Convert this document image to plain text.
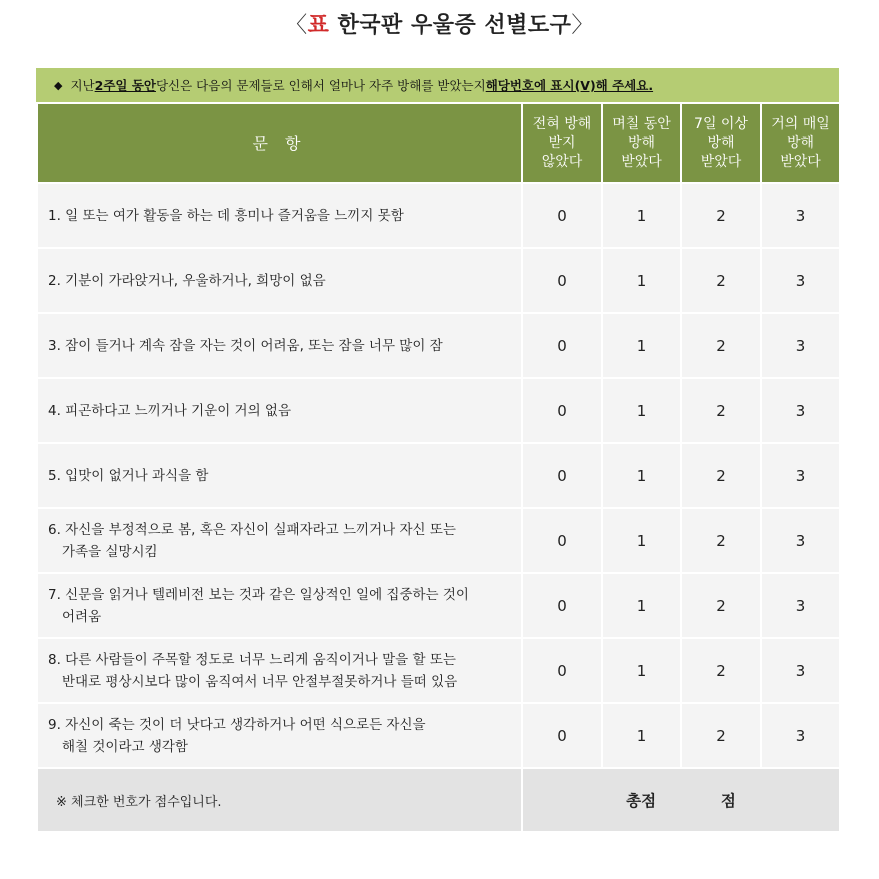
〈표 한국판 우울증 선별도구〉
◆ 지난 2주일 동안 당신은 다음의 문제들로 인해서 얼마나 자주 방해를 받았는지 해당번호에 표시(V)해 주세요.
문 항	전혀 방해
받지
않았다	며칠 동안
방해
받았다	7일 이상
방해
받았다	거의 매일
방해
받았다
1. 일 또는 여가 활동을 하는 데 흥미나 즐거움을 느끼지 못함	0	1	2	3
2. 기분이 가라앉거나, 우울하거나, 희망이 없음	0	1	2	3
3. 잠이 들거나 계속 잠을 자는 것이 어려움, 또는 잠을 너무 많이 잠	0	1	2	3
4. 피곤하다고 느끼거나 기운이 거의 없음	0	1	2	3
5. 입맛이 없거나 과식을 함	0	1	2	3
6. 자신을 부정적으로 봄, 혹은 자신이 실패자라고 느끼거나 자신 또는
가족을 실망시킴	0	1	2	3
7. 신문을 읽거나 텔레비전 보는 것과 같은 일상적인 일에 집중하는 것이
어려움	0	1	2	3
8. 다른 사람들이 주목할 정도로 너무 느리게 움직이거나 말을 할 또는
반대로 평상시보다 많이 움직여서 너무 안절부절못하거나 들떠 있음	0	1	2	3
9. 자신이 죽는 것이 더 낫다고 생각하거나 어떤 식으로든 자신을
해칠 것이라고 생각함	0	1	2	3
※ 체크한 번호가 점수입니다.	총점 점			
